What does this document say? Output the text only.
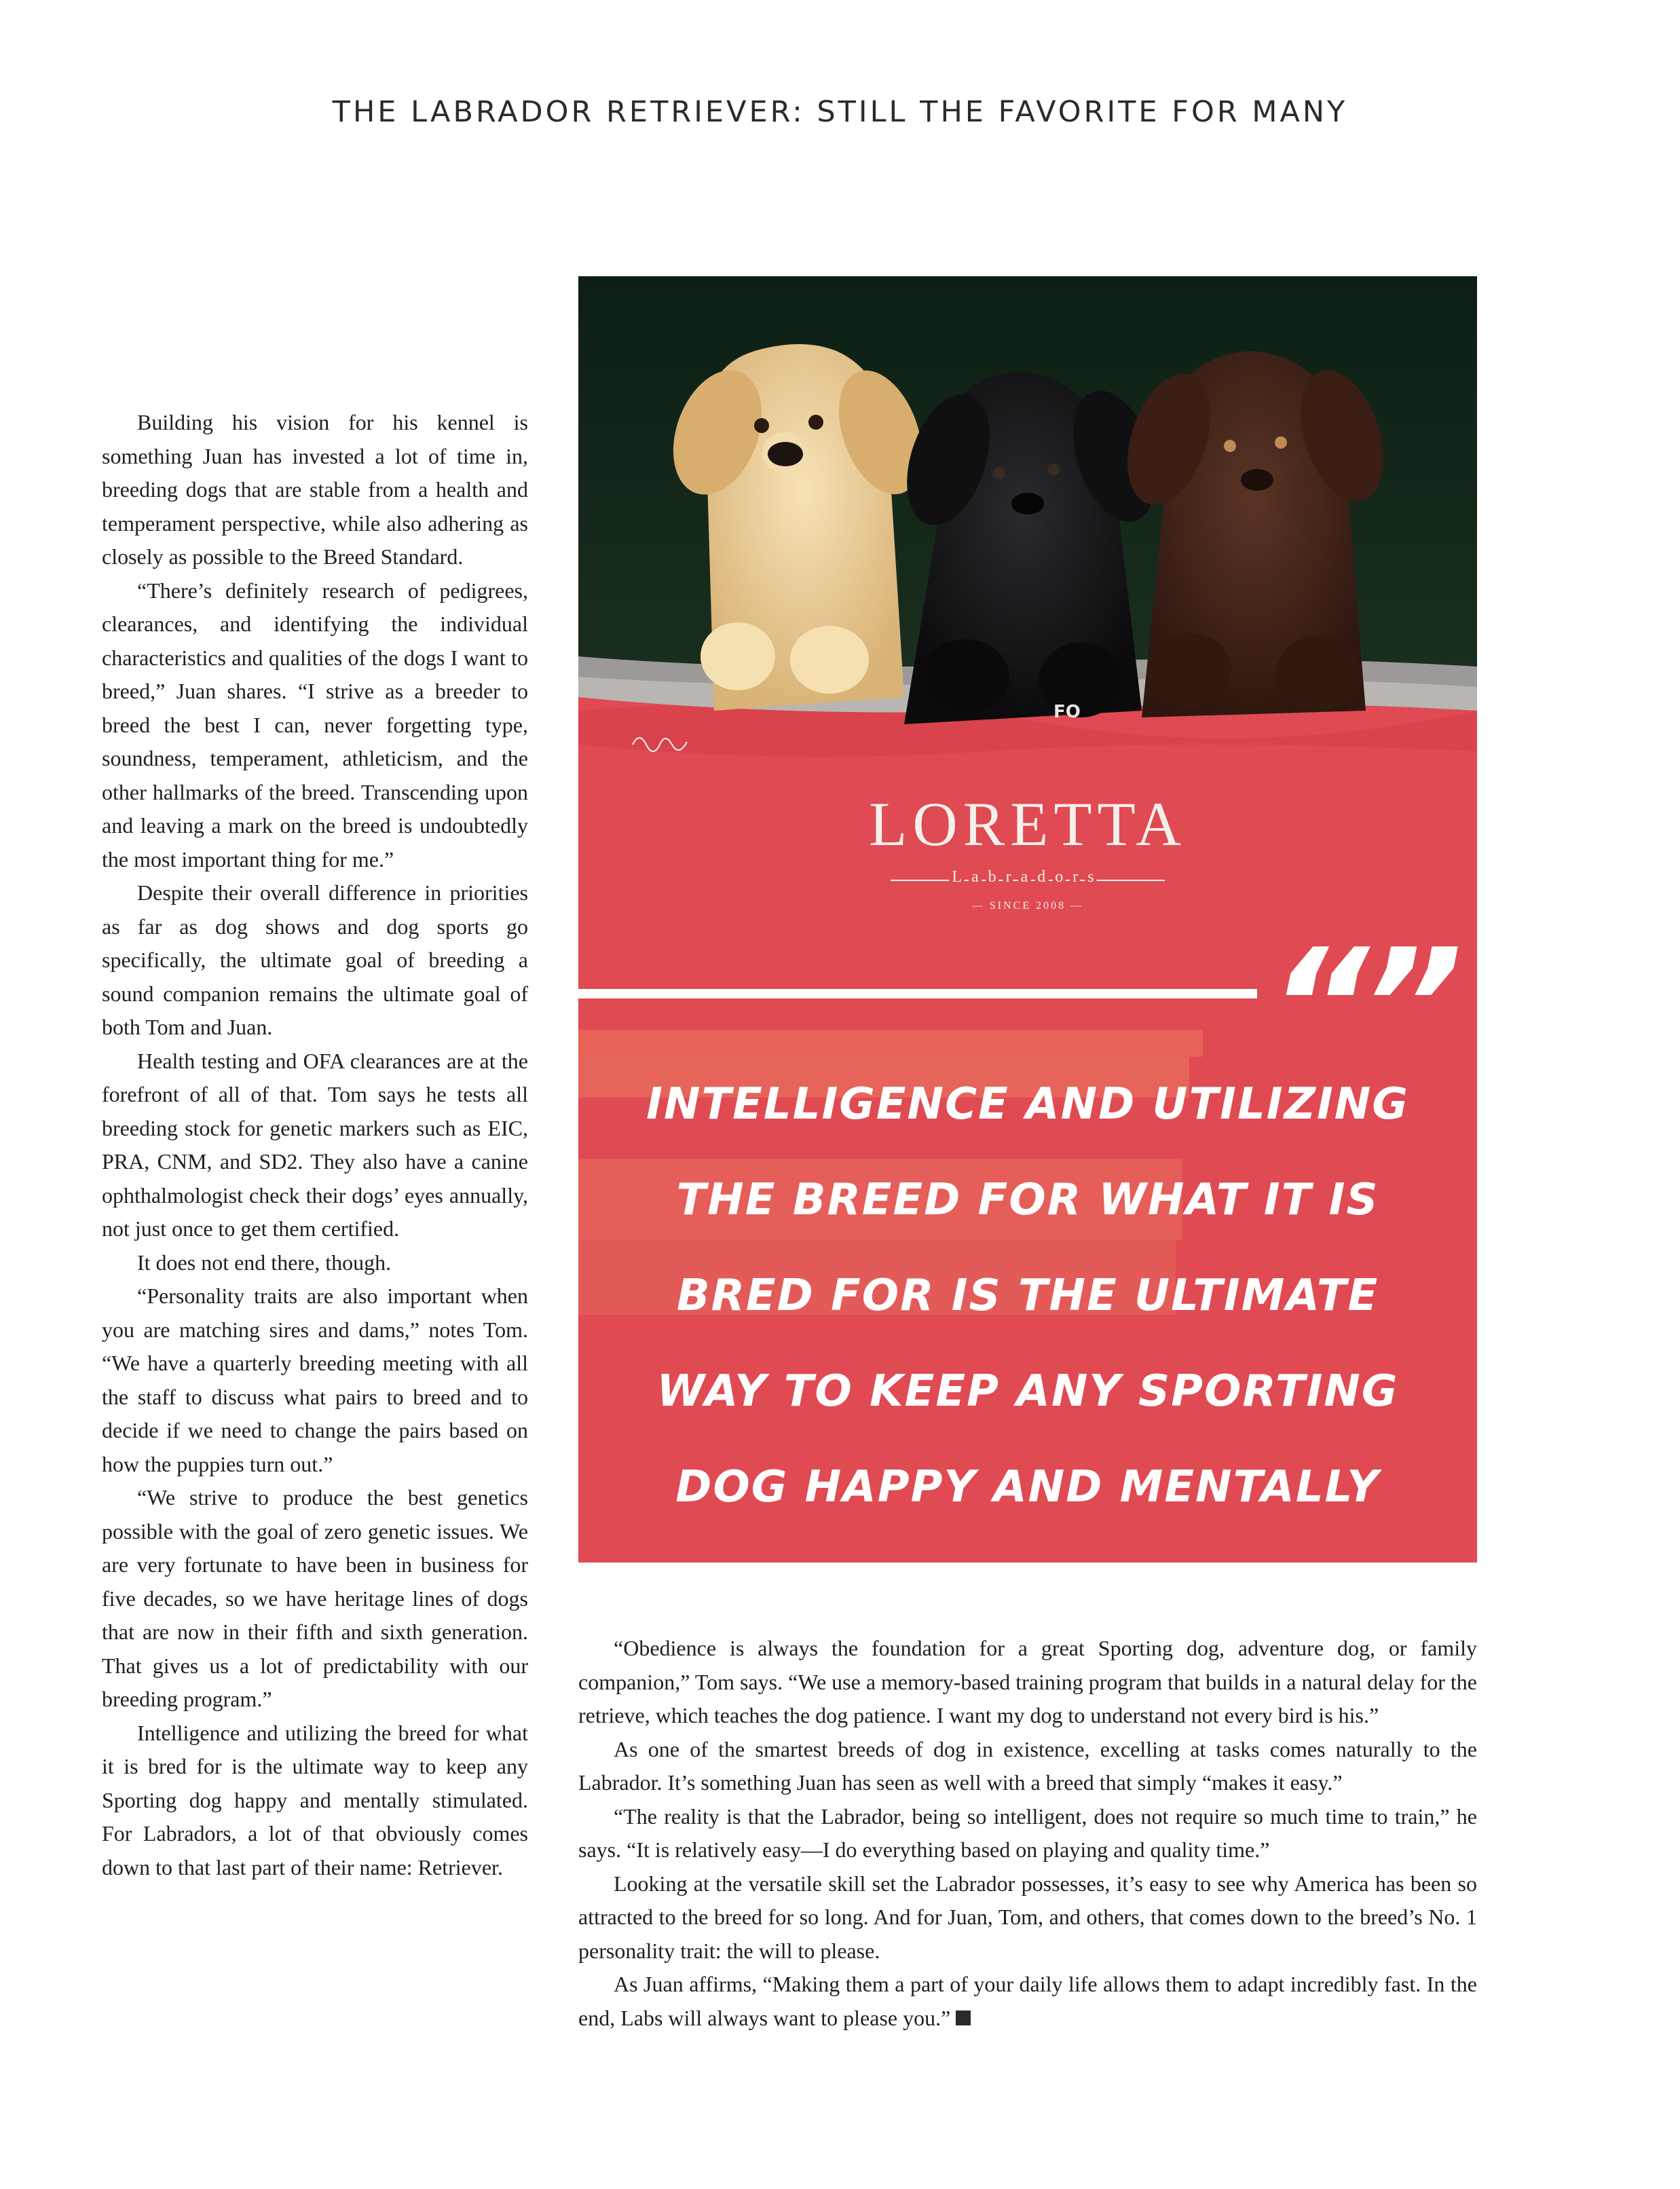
THE LABRADOR RETRIEVER: STILL THE FAVORITE FOR MANY

Building his vision for his kennel is something Juan has invested a lot of time in, breeding dogs that are stable from a health and temperament perspective, while also adhering as closely as possible to the Breed Standard.

“There’s definitely research of pedigrees, clearances, and identifying the individual characteristics and qualities of the dogs I want to breed,” Juan shares. “I strive as a breeder to breed the best I can, never forgetting type, soundness, temperament, athleticism, and the other hallmarks of the breed. Transcending upon and leaving a mark on the breed is undoubtedly the most important thing for me.”

Despite their overall difference in priorities as far as dog shows and dog sports go specifically, the ultimate goal of breeding a sound companion remains the ultimate goal of both Tom and Juan.

Health testing and OFA clearances are at the forefront of all of that. Tom says he tests all breeding stock for genetic markers such as EIC, PRA, CNM, and SD2. They also have a canine ophthalmologist check their dogs’ eyes annually, not just once to get them certified.

It does not end there, though.

“Personality traits are also important when you are matching sires and dams,” notes Tom. “We have a quarterly breeding meeting with all the staff to discuss what pairs to breed and to decide if we need to change the pairs based on how the puppies turn out.”

“We strive to produce the best genetics possible with the goal of zero genetic issues. We are very fortunate to have been in business for five decades, so we have heritage lines of dogs that are now in their fifth and sixth generation. That gives us a lot of predictability with our breeding program.”

Intelligence and utilizing the breed for what it is bred for is the ultimate way to keep any Sporting dog happy and mentally stimulated. For Labradors, a lot of that obviously comes down to that last part of their name: Retriever.

FO
LORETTA
Labradors
— SINCE 2008 —
“”
INTELLIGENCE AND UTILIZING THE BREED FOR WHAT IT IS BRED FOR IS THE ULTIMATE WAY TO KEEP ANY SPORTING DOG HAPPY AND MENTALLY STIMULATED.

“Obedience is always the foundation for a great Sporting dog, adventure dog, or family companion,” Tom says. “We use a memory-based training program that builds in a natural delay for the retrieve, which teaches the dog patience. I want my dog to understand not every bird is his.”

As one of the smartest breeds of dog in existence, excelling at tasks comes naturally to the Labrador. It’s something Juan has seen as well with a breed that simply “makes it easy.”

“The reality is that the Labrador, being so intelligent, does not require so much time to train,” he says. “It is relatively easy—I do everything based on playing and quality time.”

Looking at the versatile skill set the Labrador possesses, it’s easy to see why America has been so attracted to the breed for so long. And for Juan, Tom, and others, that comes down to the breed’s No. 1 personality trait: the will to please.

As Juan affirms, “Making them a part of your daily life allows them to adapt incredibly fast. In the end, Labs will always want to please you.”
